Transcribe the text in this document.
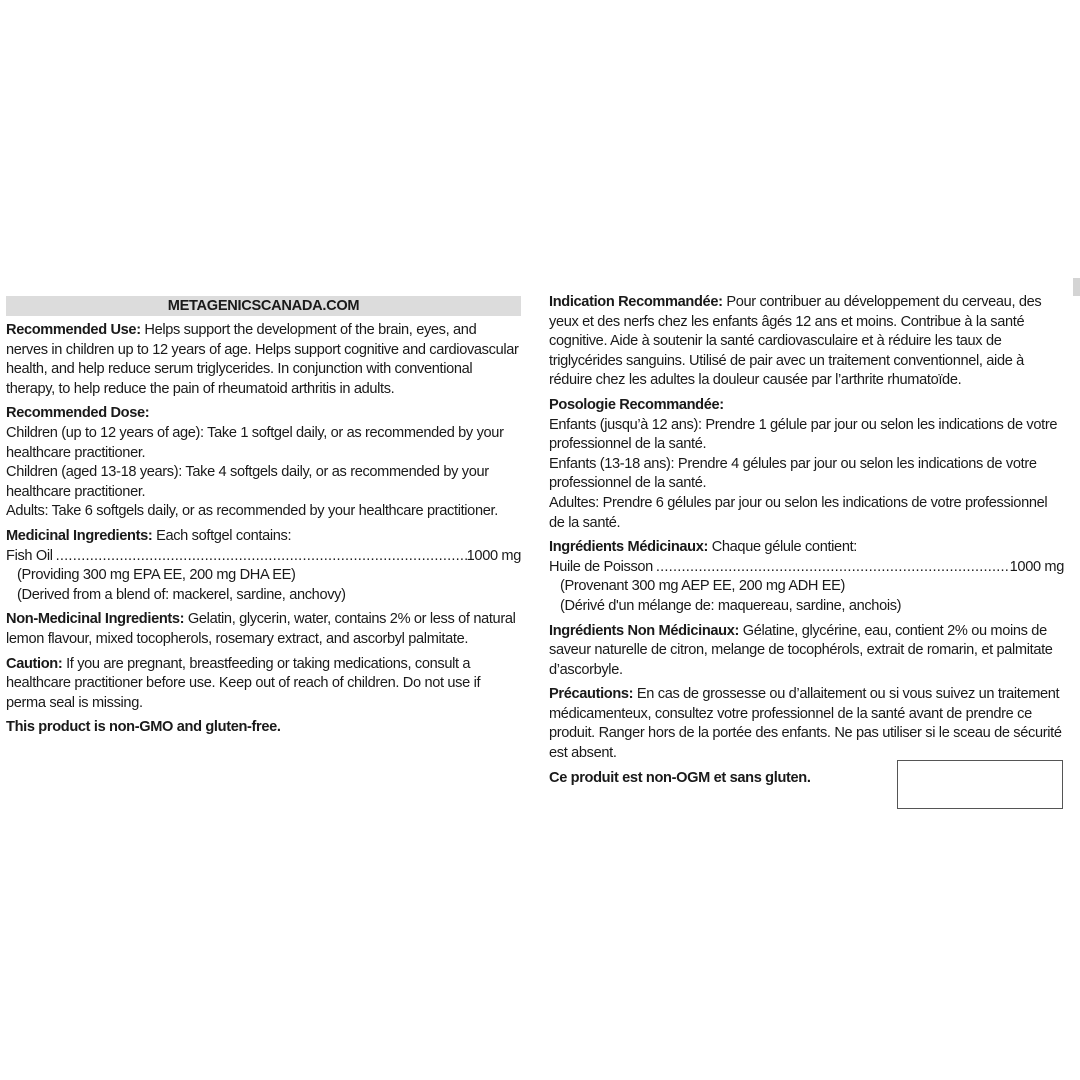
METAGENICSCANADA.COM
Recommended Use: Helps support the development of the brain, eyes, and nerves in children up to 12 years of age. Helps support cognitive and cardiovascular health, and help reduce serum triglycerides. In conjunction with conventional therapy, to help reduce the pain of rheumatoid arthritis in adults.
Recommended Dose:
Children (up to 12 years of age): Take 1 softgel daily, or as recommended by your healthcare practitioner.
Children (aged 13-18 years): Take 4 softgels daily, or as recommended by your healthcare practitioner.
Adults: Take 6 softgels daily, or as recommended by your healthcare practitioner.
Medicinal Ingredients: Each softgel contains:
Fish Oil .....	1000 mg
(Providing 300 mg EPA EE, 200 mg DHA EE)
(Derived from a blend of: mackerel, sardine, anchovy)
Non-Medicinal Ingredients: Gelatin, glycerin, water, contains 2% or less of natural lemon flavour, mixed tocopherols, rosemary extract, and ascorbyl palmitate.
Caution: If you are pregnant, breastfeeding or taking medications, consult a healthcare practitioner before use. Keep out of reach of children. Do not use if perma seal is missing.
This product is non-GMO and gluten-free.
Indication Recommandée: Pour contribuer au développement du cerveau, des yeux et des nerfs chez les enfants âgés 12 ans et moins. Contribue à la santé cognitive. Aide à soutenir la santé cardiovasculaire et à réduire les taux de triglycérides sanguins. Utilisé de pair avec un traitement conventionnel, aide à réduire chez les adultes la douleur causée par l’arthrite rhumatoïde.
Posologie Recommandée:
Enfants (jusqu’à 12 ans): Prendre 1 gélule par jour ou selon les indications de votre professionnel de la santé.
Enfants (13-18 ans): Prendre 4 gélules par jour ou selon les indications de votre professionnel de la santé.
Adultes: Prendre 6 gélules par jour ou selon les indications de votre professionnel de la santé.
Ingrédients Médicinaux: Chaque gélule contient:
Huile de Poisson .....	1000 mg
(Provenant 300 mg AEP EE, 200 mg ADH EE)
(Dérivé d'un mélange de: maquereau, sardine, anchois)
Ingrédients Non Médicinaux: Gélatine, glycérine, eau, contient 2% ou moins de saveur naturelle de citron, melange de tocophérols, extrait de romarin, et palmitate d’ascorbyle.
Précautions: En cas de grossesse ou d’allaitement ou si vous suivez un traitement médicamenteux, consultez votre professionnel de la santé avant de prendre ce produit. Ranger hors de la portée des enfants. Ne pas utiliser si le sceau de sécurité est absent.
Ce produit est non-OGM et sans gluten.
